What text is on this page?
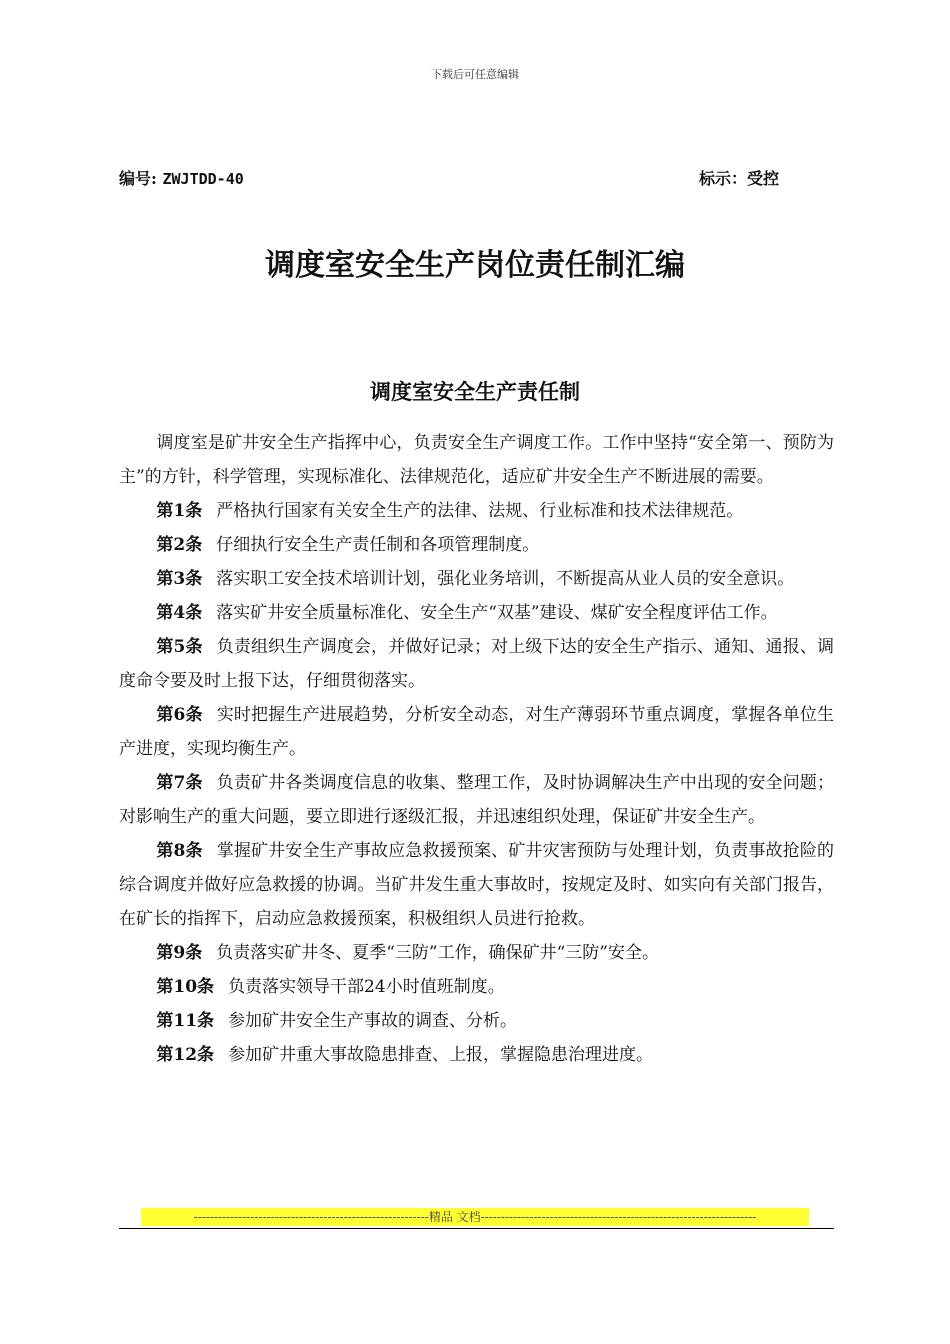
下载后可任意编辑
编号: ZWJTDD-40	标示：受控
调度室安全生产岗位责任制汇编
调度室安全生产责任制

调度室是矿井安全生产指挥中心，负责安全生产调度工作。工作中坚持“安全第一、预防为主”的方针，科学管理，实现标准化、法律规范化，适应矿井安全生产不断进展的需要。

第1条 严格执行国家有关安全生产的法律、法规、行业标准和技术法律规范。

第2条 仔细执行安全生产责任制和各项管理制度。

第3条 落实职工安全技术培训计划，强化业务培训，不断提高从业人员的安全意识。

第4条 落实矿井安全质量标准化、安全生产“双基”建设、煤矿安全程度评估工作。

第5条 负责组织生产调度会，并做好记录；对上级下达的安全生产指示、通知、通报、调度命令要及时上报下达，仔细贯彻落实。

第6条 实时把握生产进展趋势，分析安全动态，对生产薄弱环节重点调度，掌握各单位生产进度，实现均衡生产。

第7条 负责矿井各类调度信息的收集、整理工作，及时协调解决生产中出现的安全问题；对影响生产的重大问题，要立即进行逐级汇报，并迅速组织处理，保证矿井安全生产。

第8条 掌握矿井安全生产事故应急救援预案、矿井灾害预防与处理计划，负责事故抢险的综合调度并做好应急救援的协调。当矿井发生重大事故时，按规定及时、如实向有关部门报告，在矿长的指挥下，启动应急救援预案，积极组织人员进行抢救。

第9条 负责落实矿井冬、夏季“三防”工作，确保矿井“三防”安全。

第10条 负责落实领导干部24小时值班制度。

第11条 参加矿井安全生产事故的调查、分析。

第12条 参加矿井重大事故隐患排查、上报，掌握隐患治理进度。

----------------------------------------------------------精品 文档--------------------------------------------------------------------
